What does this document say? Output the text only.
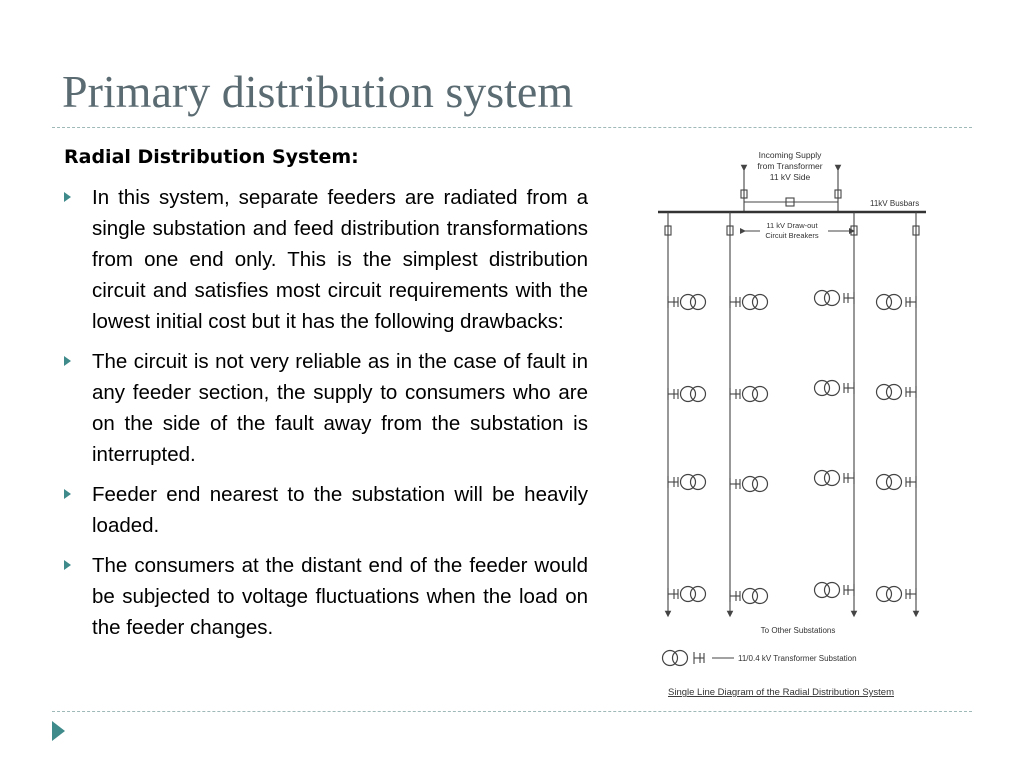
Primary distribution system
Radial Distribution System:
In this system, separate feeders are radiated from a single substation and feed distribution transformations from one end only. This is the simplest distribution circuit and satisfies most circuit requirements with the lowest initial cost but it has the following drawbacks:
The circuit is not very reliable as in the case of fault in any feeder section, the supply to consumers who are on the side of the fault away from the substation is interrupted.
Feeder end nearest to the substation will be heavily loaded.
The consumers at the distant end of the feeder would be subjected to voltage fluctuations when the load on the feeder changes.
Incoming Supply
from Transformer
11 kV Side
11kV Busbars
11 kV Draw-out
Circuit Breakers
To Other Substations
11/0.4 kV Transformer Substation
Single Line Diagram of the Radial Distribution System
